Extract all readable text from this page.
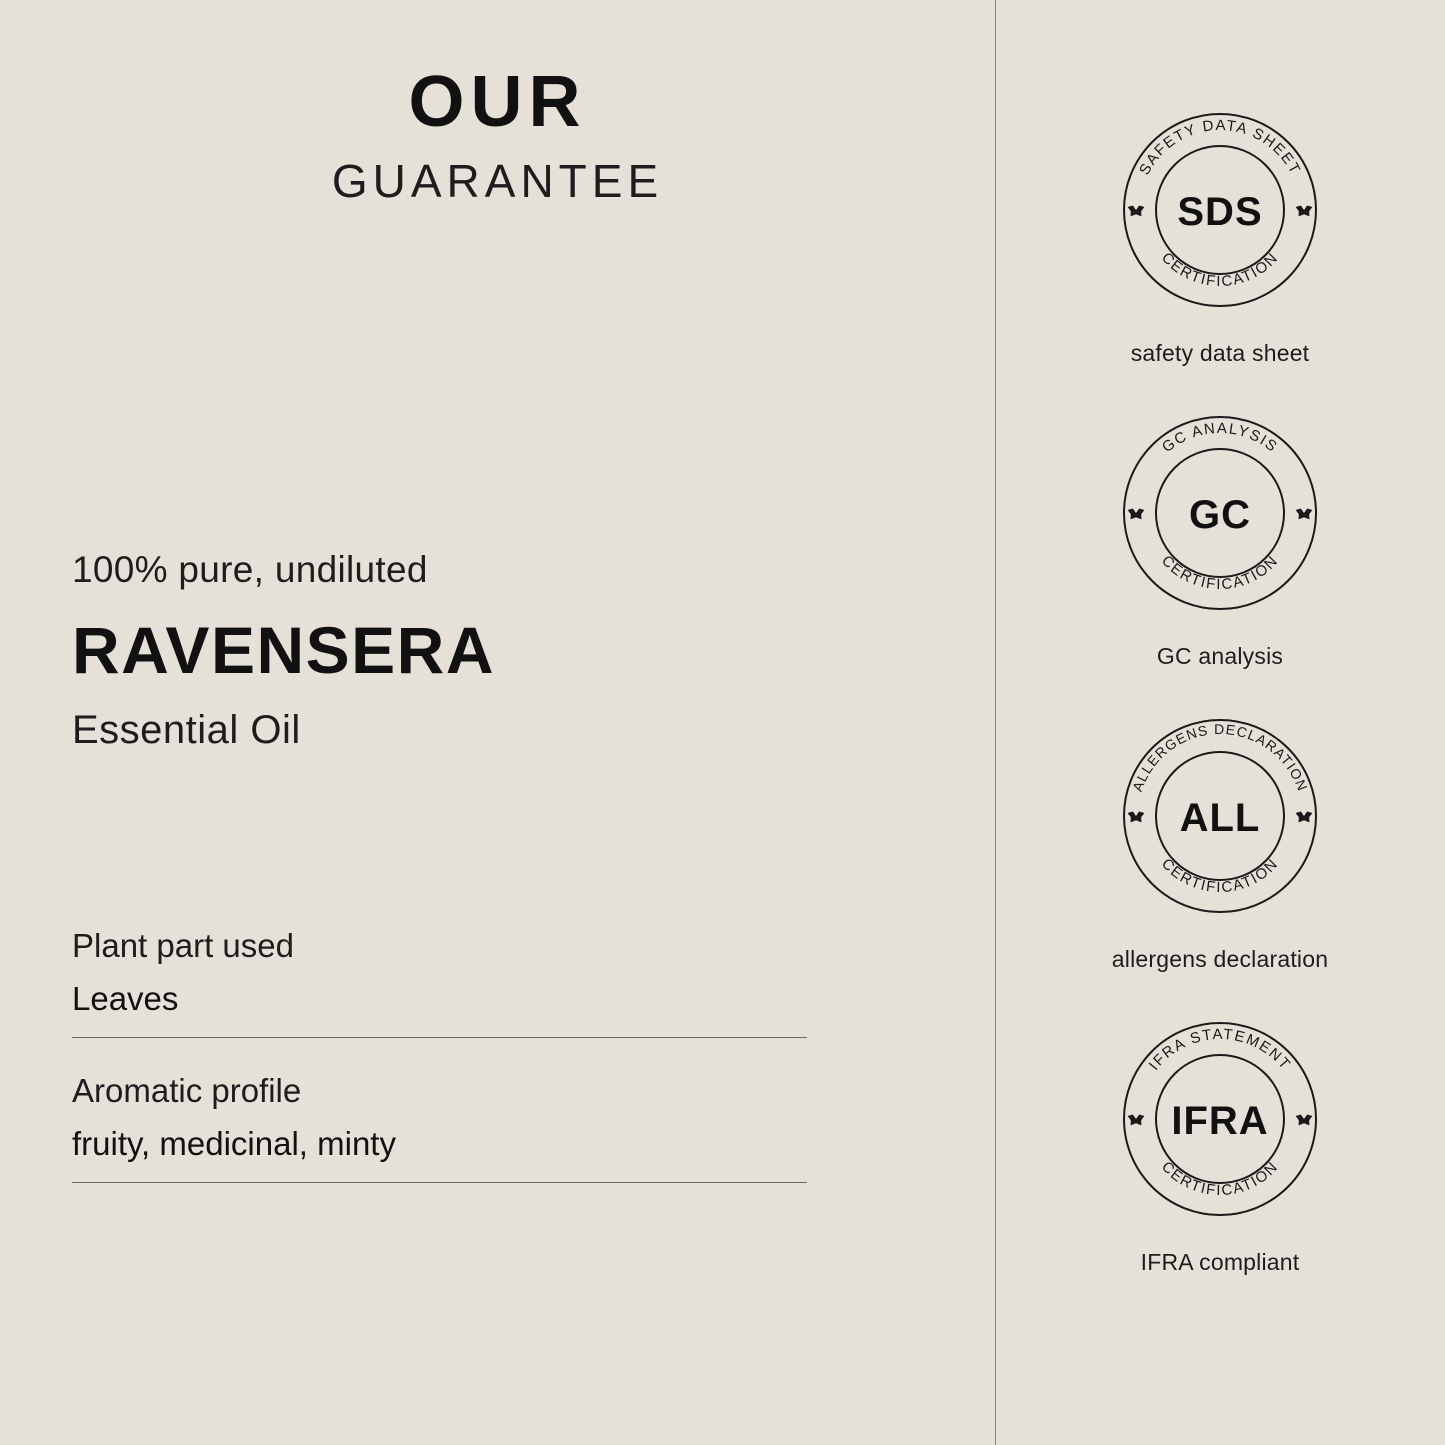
OUR
GUARANTEE
100% pure, undiluted
RAVENSERA
Essential Oil
Plant part used
Leaves
Aromatic profile
fruity, medicinal, minty
SAFETY DATA SHEET
CERTIFICATION
SDS
safety data sheet
GC ANALYSIS
CERTIFICATION
GC
GC analysis
ALLERGENS DECLARATION
CERTIFICATION
ALL
allergens declaration
IFRA STATEMENT
CERTIFICATION
IFRA
IFRA compliant
